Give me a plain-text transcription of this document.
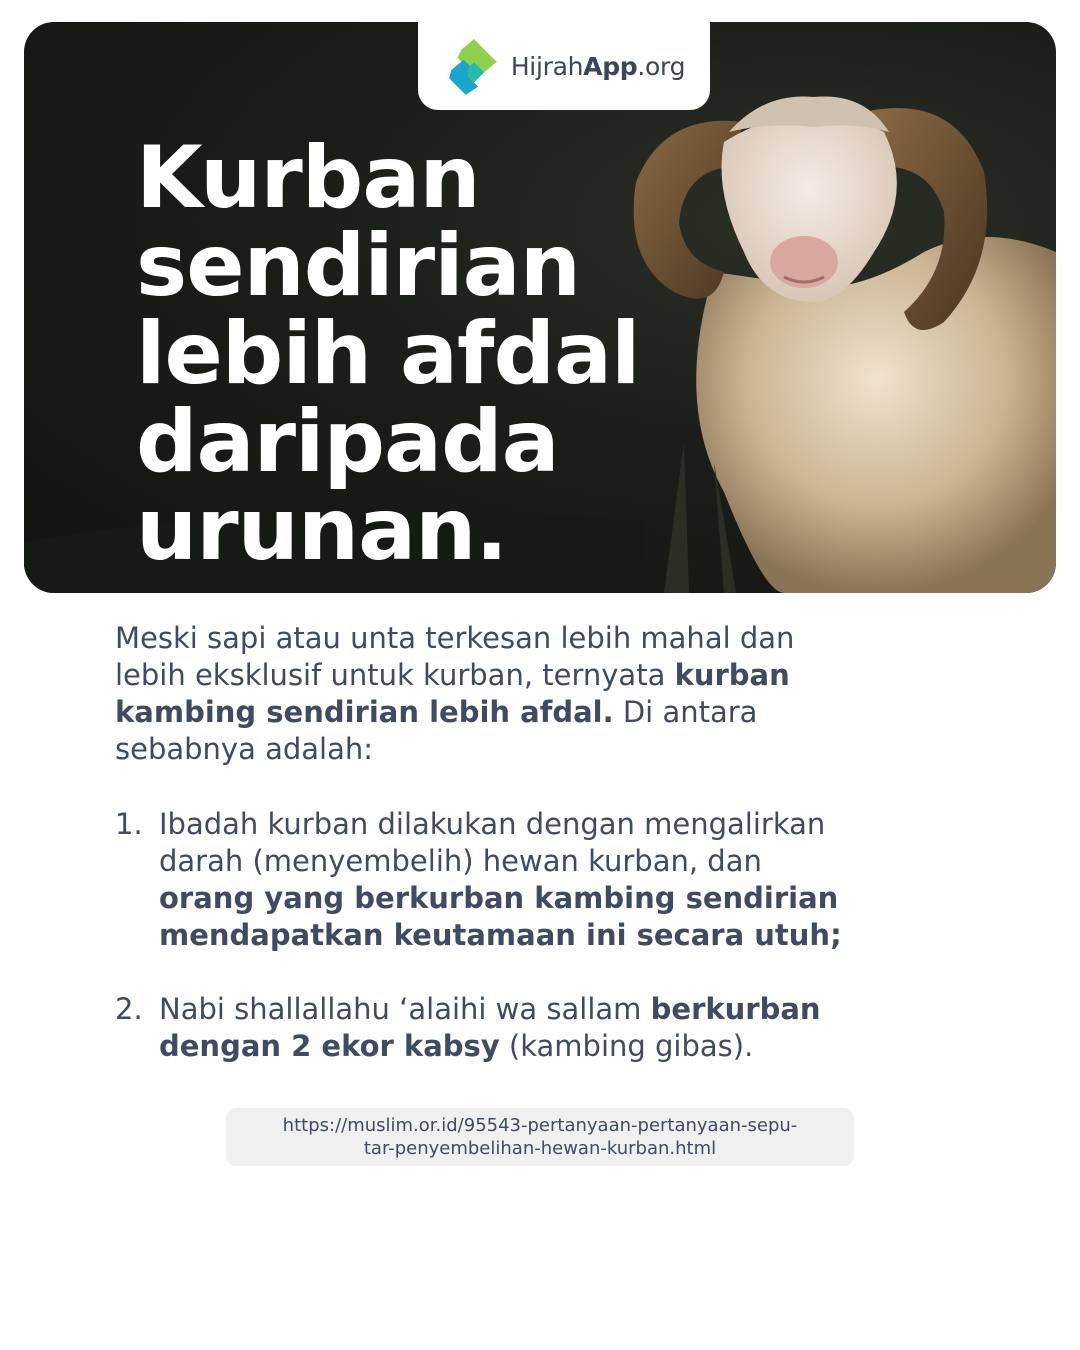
HijrahApp.org
Kurban
sendirian
lebih afdal
daripada
urunan.
Meski sapi atau unta terkesan lebih mahal dan
lebih eksklusif untuk kurban, ternyata kurban
kambing sendirian lebih afdal. Di antara
sebabnya adalah:
1. Ibadah kurban dilakukan dengan mengalirkan
darah (menyembelih) hewan kurban, dan
orang yang berkurban kambing sendirian
mendapatkan keutamaan ini secara utuh;
2. Nabi shallallahu ‘alaihi wa sallam berkurban
dengan 2 ekor kabsy (kambing gibas).
https://muslim.or.id/95543-pertanyaan-pertanyaan-sepu-
tar-penyembelihan-hewan-kurban.html
